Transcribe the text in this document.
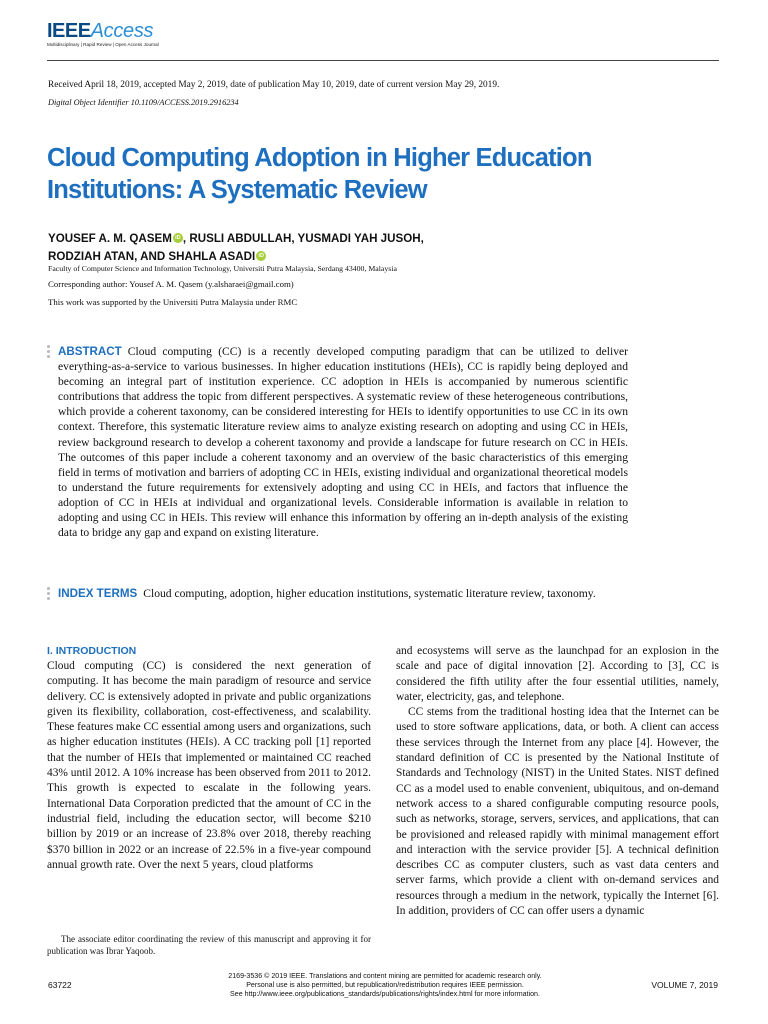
IEEEAccess
Multidisciplinary | Rapid Review | Open Access Journal
Received April 18, 2019, accepted May 2, 2019, date of publication May 10, 2019, date of current version May 29, 2019.
Digital Object Identifier 10.1109/ACCESS.2019.2916234
Cloud Computing Adoption in Higher Education
Institutions: A Systematic Review
YOUSEF A. M. QASEM iD , RUSLI ABDULLAH, YUSMADI YAH JUSOH,
RODZIAH ATAN, AND SHAHLA ASADI iD
Faculty of Computer Science and Information Technology, Universiti Putra Malaysia, Serdang 43400, Malaysia
Corresponding author: Yousef A. M. Qasem (y.alsharaei@gmail.com)
This work was supported by the Universiti Putra Malaysia under RMC
ABSTRACT Cloud computing (CC) is a recently developed computing paradigm that can be utilized to deliver everything-as-a-service to various businesses. In higher education institutions (HEIs), CC is rapidly being deployed and becoming an integral part of institution experience. CC adoption in HEIs is accompanied by numerous scientific contributions that address the topic from different perspectives. A systematic review of these heterogeneous contributions, which provide a coherent taxonomy, can be considered interesting for HEIs to identify opportunities to use CC in its own context. Therefore, this systematic literature review aims to analyze existing research on adopting and using CC in HEIs, review background research to develop a coherent taxonomy and provide a landscape for future research on CC in HEIs. The outcomes of this paper include a coherent taxonomy and an overview of the basic characteristics of this emerging field in terms of motivation and barriers of adopting CC in HEIs, existing individual and organizational theoretical models to understand the future requirements for extensively adopting and using CC in HEIs, and factors that influence the adoption of CC in HEIs at individual and organizational levels. Considerable information is available in relation to adopting and using CC in HEIs. This review will enhance this information by offering an in-depth analysis of the existing data to bridge any gap and expand on existing literature.
INDEX TERMS Cloud computing, adoption, higher education institutions, systematic literature review, taxonomy.
I. INTRODUCTION

Cloud computing (CC) is considered the next generation of computing. It has become the main paradigm of resource and service delivery. CC is extensively adopted in private and public organizations given its flexibility, collaboration, cost-effectiveness, and scalability. These features make CC essential among users and organizations, such as higher education institutes (HEIs). A CC tracking poll [1] reported that the number of HEIs that implemented or maintained CC reached 43% until 2012. A 10% increase has been observed from 2011 to 2012. This growth is expected to escalate in the following years. International Data Corporation predicted that the amount of CC in the industrial field, including the education sector, will become $210 billion by 2019 or an increase of 23.8% over 2018, thereby reaching $370 billion in 2022 or an increase of 22.5% in a five-year compound annual growth rate. Over the next 5 years, cloud platforms

and ecosystems will serve as the launchpad for an explosion in the scale and pace of digital innovation [2]. According to [3], CC is considered the fifth utility after the four essential utilities, namely, water, electricity, gas, and telephone.

CC stems from the traditional hosting idea that the Internet can be used to store software applications, data, or both. A client can access these services through the Internet from any place [4]. However, the standard definition of CC is presented by the National Institute of Standards and Technology (NIST) in the United States. NIST defined CC as a model used to enable convenient, ubiquitous, and on-demand network access to a shared configurable computing resource pools, such as networks, storage, servers, services, and applications, that can be provisioned and released rapidly with minimal management effort and interaction with the service provider [5]. A technical definition describes CC as computer clusters, such as vast data centers and server farms, which provide a client with on-demand services and resources through a medium in the network, typically the Internet [6]. In addition, providers of CC can offer users a dynamic

The associate editor coordinating the review of this manuscript and approving it for publication was Ibrar Yaqoob.

63722
2169-3536 © 2019 IEEE. Translations and content mining are permitted for academic research only.
Personal use is also permitted, but republication/redistribution requires IEEE permission.
See http://www.ieee.org/publications_standards/publications/rights/index.html for more information.
VOLUME 7, 2019
